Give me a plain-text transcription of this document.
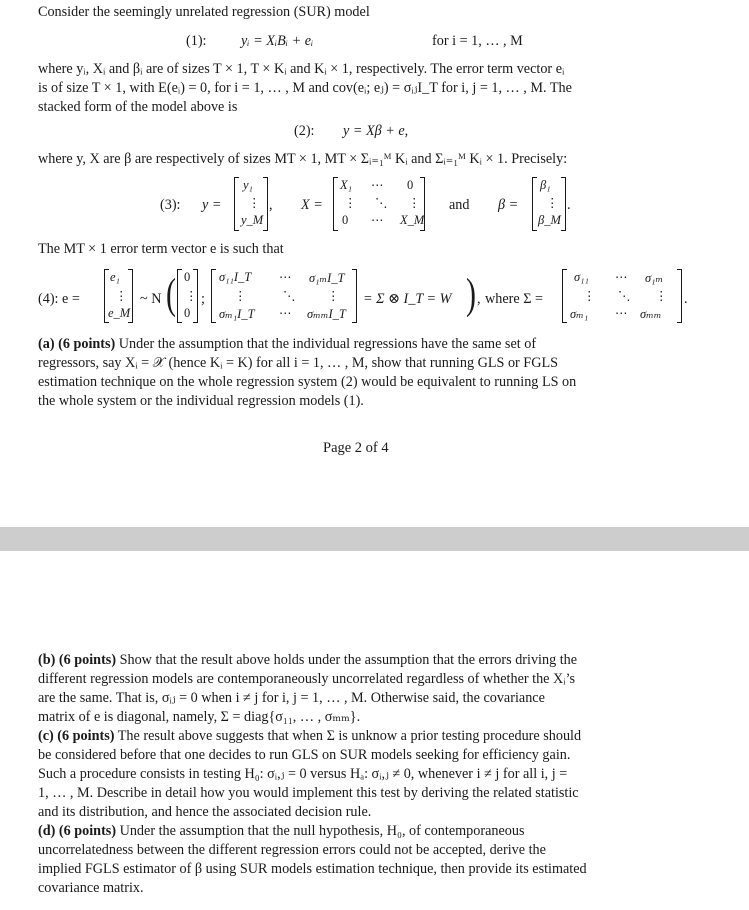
Consider the seemingly unrelated regression (SUR) model
(1): yᵢ = XᵢBᵢ + eᵢ	for i = 1, … , M
where yᵢ, Xᵢ and βᵢ are of sizes T × 1, T × Kᵢ and Kᵢ × 1, respectively. The error term vector eᵢ
is of size T × 1, with E(eᵢ) = 0, for i = 1, … , M and cov(eᵢ; eⱼ) = σᵢⱼI_T for i, j = 1, … , M. The
stacked form of the model above is
(2): y = Xβ + e,
where y, X are β are respectively of sizes MT × 1, MT × Σᵢ₌₁ᴹ Kᵢ and Σᵢ₌₁ᴹ Kᵢ × 1. Precisely:
(3): y =
y₁
⋮
y_M
, X =
X₁ ⋯ 0
⋮ ⋱ ⋮
0 ⋯ X_M
and β =
β₁
⋮
β_M
.
The MT × 1 error term vector e is such that
(4): e =
e₁
⋮
e_M
~ N ( 0
⋮
0
;
σ₁₁I_T ⋯ σ₁ₘI_T
⋮	⋱	⋮
σₘ₁I_T ⋯ σₘₘI_T
= Σ ⊗ I_T = W ) , where Σ =
σ₁₁ ⋯ σ₁ₘ
⋮ ⋱ ⋮
σₘ₁ ⋯ σₘₘ
.
(a) (6 points) Under the assumption that the individual regressions have the same set of
regressors, say Xᵢ = 𝒳 (hence Kᵢ = K) for all i = 1, … , M, show that running GLS or FGLS
estimation technique on the whole regression system (2) would be equivalent to running LS on
the whole system or the individual regression models (1).
Page 2 of 4
(b) (6 points) Show that the result above holds under the assumption that the errors driving the
different regression models are contemporaneously uncorrelated regardless of whether the Xᵢ’s
are the same. That is, σᵢⱼ = 0 when i ≠ j for i, j = 1, … , M. Otherwise said, the covariance
matrix of e is diagonal, namely, Σ = diag{σ₁₁, … , σₘₘ}.
(c) (6 points) The result above suggests that when Σ is unknow a prior testing procedure should
be considered before that one decides to run GLS on SUR models seeking for efficiency gain.
Such a procedure consists in testing H₀: σᵢ,ⱼ = 0 versus Hₐ: σᵢ,ⱼ ≠ 0, whenever i ≠ j for all i, j =
1, … , M. Describe in detail how you would implement this test by deriving the related statistic
and its distribution, and hence the associated decision rule.
(d) (6 points) Under the assumption that the null hypothesis, H₀, of contemporaneous
uncorrelatedness between the different regression errors could not be accepted, derive the
implied FGLS estimator of β using SUR models estimation technique, then provide its estimated
covariance matrix.
